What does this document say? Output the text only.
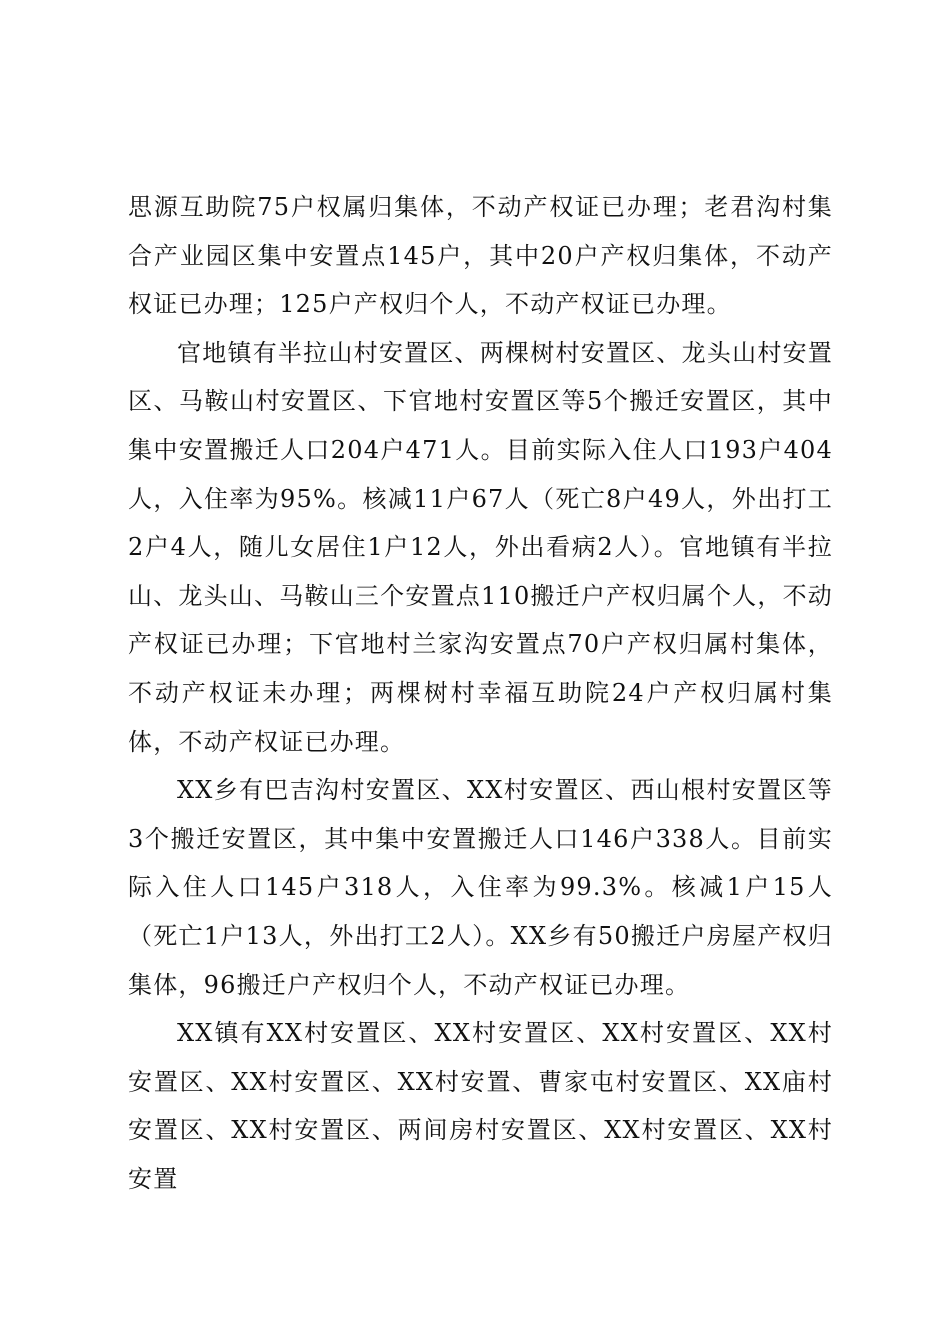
思源互助院75户权属归集体，不动产权证已办理；老君沟村集合产业园区集中安置点145户，其中20户产权归集体，不动产权证已办理；125户产权归个人，不动产权证已办理。

官地镇有半拉山村安置区、两棵树村安置区、龙头山村安置区、马鞍山村安置区、下官地村安置区等5个搬迁安置区，其中集中安置搬迁人口204户471人。目前实际入住人口193户404人，入住率为95%。核减11户67人（死亡8户49人，外出打工2户4人，随儿女居住1户12人，外出看病2人）。官地镇有半拉山、龙头山、马鞍山三个安置点110搬迁户产权归属个人，不动产权证已办理；下官地村兰家沟安置点70户产权归属村集体，不动产权证未办理；两棵树村幸福互助院24户产权归属村集体，不动产权证已办理。

XX乡有巴吉沟村安置区、XX村安置区、西山根村安置区等3个搬迁安置区，其中集中安置搬迁人口146户338人。目前实际入住人口145户318人，入住率为99.3%。核减1户15人（死亡1户13人，外出打工2人）。XX乡有50搬迁户房屋产权归集体，96搬迁户产权归个人，不动产权证已办理。

XX镇有XX村安置区、XX村安置区、XX村安置区、XX村安置区、XX村安置区、XX村安置、曹家屯村安置区、XX庙村安置区、XX村安置区、两间房村安置区、XX村安置区、XX村安置
